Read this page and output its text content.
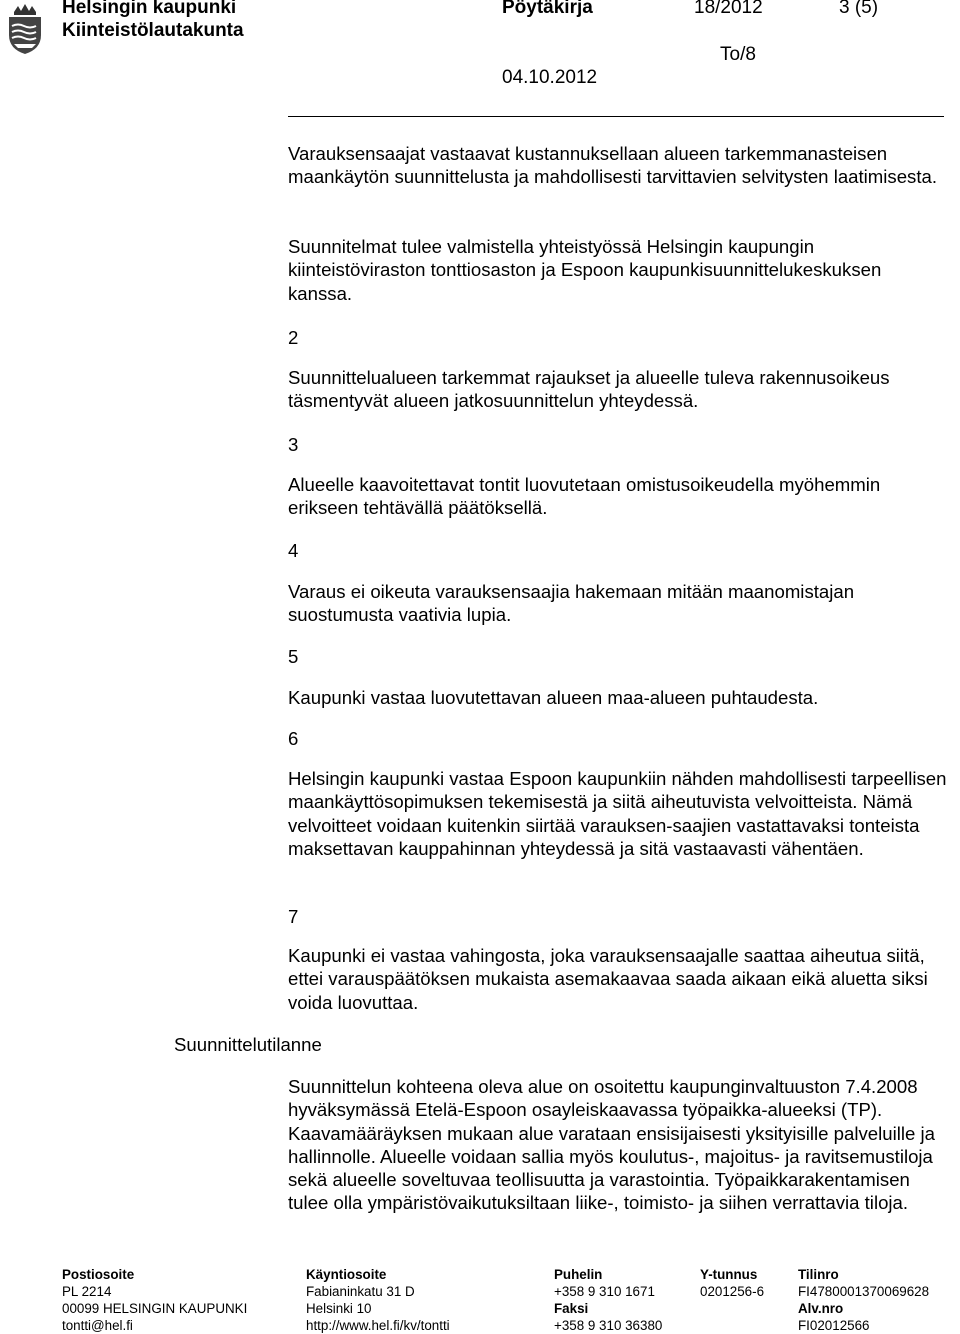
Helsingin kaupunki
Kiinteistölautakunta
Pöytäkirja	18/2012	3 (5)
To/8
04.10.2012
Varauksensaajat vastaavat kustannuksellaan alueen tarkemmanasteisen maankäytön suunnittelusta ja mahdollisesti tarvittavien selvitysten laatimisesta.
Suunnitelmat tulee valmistella yhteistyössä Helsingin kaupungin kiinteistöviraston tonttiosaston ja Espoon kaupunkisuunnittelukeskuksen kanssa.
2
Suunnittelualueen tarkemmat rajaukset ja alueelle tuleva rakennusoikeus täsmentyvät alueen jatkosuunnittelun yhteydessä.
3
Alueelle kaavoitettavat tontit luovutetaan omistusoikeudella myöhemmin erikseen tehtävällä päätöksellä.
4
Varaus ei oikeuta varauksensaajia hakemaan mitään maanomistajan suostumusta vaativia lupia.
5
Kaupunki vastaa luovutettavan alueen maa-alueen puhtaudesta.
6
Helsingin kaupunki vastaa Espoon kaupunkiin nähden mahdollisesti tarpeellisen maankäyttösopimuksen tekemisestä ja siitä aiheutuvista velvoitteista. Nämä velvoitteet voidaan kuitenkin siirtää varauksen-saajien vastattavaksi tonteista maksettavan kauppahinnan yhteydessä ja sitä vastaavasti vähentäen.
7
Kaupunki ei vastaa vahingosta, joka varauksensaajalle saattaa aiheutua siitä, ettei varauspäätöksen mukaista asemakaavaa saada aikaan eikä aluetta siksi voida luovuttaa.
Suunnittelutilanne
Suunnittelun kohteena oleva alue on osoitettu kaupunginvaltuuston 7.4.2008 hyväksymässä Etelä-Espoon osayleiskaavassa työpaikka-alueeksi (TP). Kaavamääräyksen mukaan alue varataan ensisijaisesti yksityisille palveluille ja hallinnolle. Alueelle voidaan sallia myös koulutus-, majoitus- ja ravitsemustiloja sekä alueelle soveltuvaa teollisuutta ja varastointia. Työpaikkarakentamisen tulee olla ympäristövaikutuksiltaan liike-, toimisto- ja siihen verrattavia tiloja.
Postiosoite
PL 2214
00099 HELSINGIN KAUPUNKI
tontti@hel.fi
Käyntiosoite
Fabianinkatu 31 D
Helsinki 10
http://www.hel.fi/kv/tontti
Puhelin
+358 9 310 1671
Faksi
+358 9 310 36380
Y-tunnus
0201256-6
Tilinro
FI4780001370069628
Alv.nro
FI02012566
